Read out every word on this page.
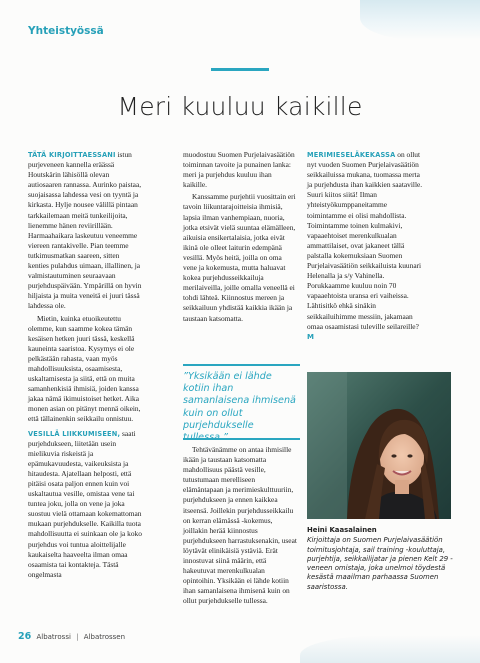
Yhteistyössä
Meri kuuluu kaikille

TÄTÄ KIRJOITTAESSANI istun purjeveneen kannella eräässä Houtskärin lähisöllä olevan autiosaaren rannassa. Aurinko paistaa, suojaisassa lahdessa vesi on tyyntä ja kirkasta. Hylje nousee välillä pintaan tarkkailemaan meitä tunkeilijoita, lienemme hänen reviirillään. Harmaahaikara laskeutuu veneemme viereen rantakivelle. Pian teemme tutkimusmatkan saareen, sitten kenties pulahdus uimaan, illallinen, ja valmistautuminen seuraavaan purjehduspäivään. Ympärillä on hyvin hiljaista ja muita veneitä ei juuri tässä lahdessa ole.

Mietin, kuinka etuoikeutettu olemme, kun saamme kokea tämän kesäisen hetken juuri tässä, keskellä kauneinta saaristoa. Kysymys ei ole pelkästään rahasta, vaan myös mahdollisuuksista, osaamisesta, uskaltamisesta ja siitä, että on muita samanhenkisiä ihmisiä, joiden kanssa jakaa nämä ikimuistoiset hetket. Aika monen asian on pitänyt mennä oikein, että tällainenkin seikkailu onnistuu.

VESILLÄ LIIKKUMISEEN, saati purjehdukseen, liitetään usein mielikuvia riskeistä ja epämukavuudesta, vaikeuksista ja hitaudesta. Ajatellaan helposti, että pitäisi osata paljon ennen kuin voi uskaltautua vesille, omistaa vene tai tuntea joku, jolla on vene ja joka suostuu vielä ottamaan kokemattoman mukaan purjehdukselle. Kaikilla tuota mahdollisuutta ei suinkaan ole ja koko purjehdus voi tuntua aloittelijalle kaukaiselta haaveelta ilman omaa osaamista tai kontakteja. Tästä ongelmasta

muodostuu Suomen Purjelaivasäätiön toiminnan tavoite ja punainen lanka: meri ja purjehdus kuuluu ihan kaikille.

Kanssamme purjehtii vuosittain eri tavoin liikuntarajoitteisia ihmisiä, lapsia ilman vanhempiaan, nuoria, jotka etsivät vielä suuntaa elämälleen, aikuisia ensikertalaisia, jotka eivät ikinä ole olleet laiturin edempänä vesillä. Myös heitä, joilla on oma vene ja kokemusta, mutta haluavat kokea purjehdusseikkailuja merilaiveilla, joille omalla veneellä ei tohdi lähteä. Kiinnostus mereen ja seikkailuun yhdistää kaikkia ikään ja taustaan katsomatta.

”Yksikään ei lähde kotiin ihan samanlaisena ihmisenä kuin on ollut purjehdukselle

Tehtävänämme on antaa ihmisille ikään ja taustaan katsomatta mahdollisuus päästä vesille, tutustumaan merelliseen elämäntapaan ja merimieskulttuuriin, purjehdukseen ja ennen kaikkea itseensä. Joillekin purjehdusseikkailu on kerran elämässä -kokemus, joillakin herää kiinnostus purjehdukseen harrastuksenakin, useat löytävät elinikäisiä ystäviä. Erät innostuvat siinä määrin, että hakeutuvat merenkulkualan opintoihin. Yksikään ei lähde kotiin ihan samanlaisena ihmisenä kuin on ollut purjehdukselle tullessa.

MERIMIESELÄKEKASSA on ollut nyt vuoden Suomen Purjelaivasäätiön seikkailuissa mukana, tuomassa merta ja purjehdusta ihan kaikkien saataville. Suuri kiitos siitä! Ilman yhteistyökumppaneitamme toimintamme ei olisi mahdollista. Toimintamme toinen kulmakivi, vapaaehtoiset merenkulkualan ammattilaiset, ovat jakaneet tällä palstalla kokemuksiaan Suomen Purjelaivasäätiön seikkailuista kuunari Helenalla ja s/y Vahinella. Porukkaamme kuuluu noin 70 vapaaehtoista uransa eri vaiheissa. Lähtisitkö ehkä sinäkin seikkailuihimme messiin, jakamaan omaa osaamistasi tuleville seilareille? M

Heini Kaasalainen
Kirjoittaja on Suomen Purjelaivasäätiön toimitusjohtaja, sail training -kouluttaja, purjehtija, seikkailijatar ja pienen Kelt 29 -veneen omistaja, joka unelmoi töydestä kesästä maailman parhaassa Suomen saaristossa.
26 Albatrossi | Albatrossen
